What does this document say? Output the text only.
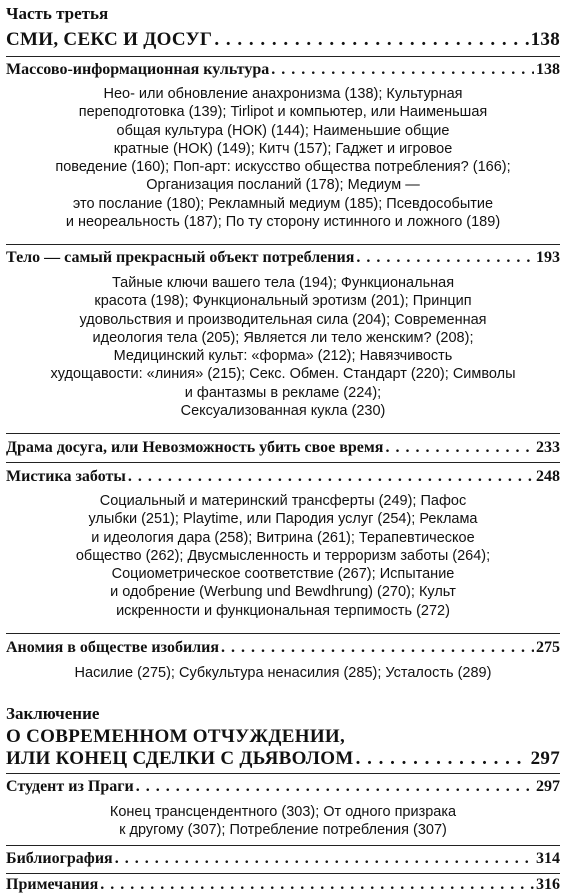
Часть третья
СМИ, СЕКС И ДОСУГ . . .	138
Массово-информационная культура . . .	138
Нео- или обновление анахронизма (138); Культурная
переподготовка (139); Tirlipot и компьютер, или Наименьшая
общая культура (НОК) (144); Наименьшие общие
кратные (НОК) (149); Китч (157); Гаджет и игровое
поведение (160); Поп-арт: искусство общества потребления? (166);
Организация посланий (178); Медиум —
это послание (180); Рекламный медиум (185); Псевдособытие
и неореальность (187); По ту сторону истинного и ложного (189)
Тело — самый прекрасный объект потребления . . .	193
Тайные ключи вашего тела (194); Функциональная
красота (198); Функциональный эротизм (201); Принцип
удовольствия и производительная сила (204); Современная
идеология тела (205); Является ли тело женским? (208);
Медицинский культ: «форма» (212); Навязчивость
худощавости: «линия» (215); Секс. Обмен. Стандарт (220); Символы
и фантазмы в рекламе (224);
Сексуализованная кукла (230)
Драма досуга, или Невозможность убить свое время . . .	233
Мистика заботы . . .	248
Социальный и материнский трансферты (249); Пафос
улыбки (251); Playtime, или Пародия услуг (254); Реклама
и идеология дара (258); Витрина (261); Терапевтическое
общество (262); Двусмысленность и терроризм заботы (264);
Социометрическое соответствие (267); Испытание
и одобрение (Werbung und Bewdhrung) (270); Культ
искренности и функциональная терпимость (272)
Аномия в обществе изобилия . . .	275
Насилие (275); Субкультура ненасилия (285); Усталость (289)
Заключение
О СОВРЕМЕННОМ ОТЧУЖДЕНИИ,
ИЛИ КОНЕЦ СДЕЛКИ С ДЬЯВОЛОМ . . .	297
Студент из Праги . . .	297
Конец трансцендентного (303); От одного призрака
к другому (307); Потребление потребления (307)
Библиография . . .	314
Примечания . . .	316
